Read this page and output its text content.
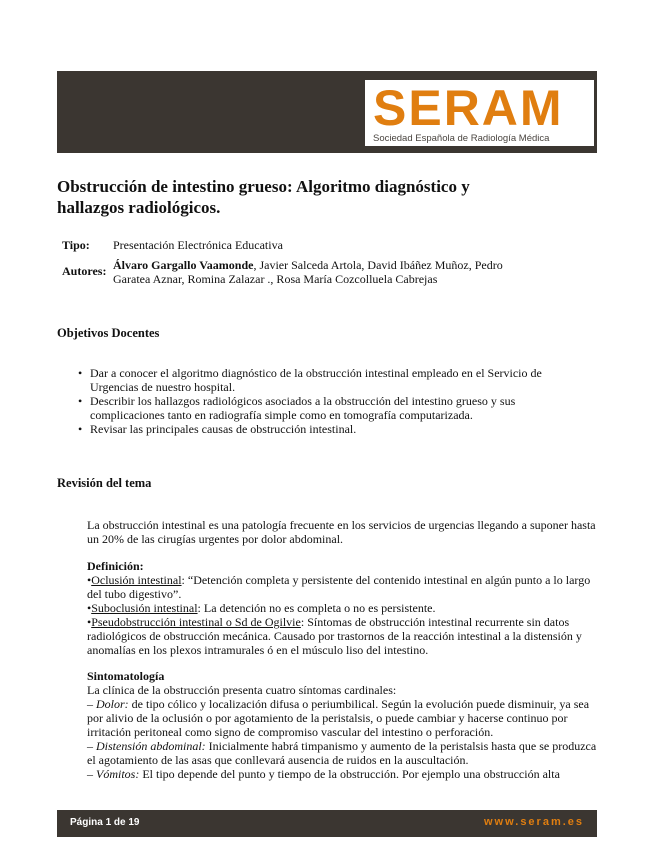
SERAM
Sociedad Española de Radiología Médica
Obstrucción de intestino grueso: Algoritmo diagnóstico y hallazgos radiológicos.
Tipo: Presentación Electrónica Educativa
Autores: Álvaro Gargallo Vaamonde, Javier Salceda Artola, David Ibáñez Muñoz, Pedro Garatea Aznar, Romina Zalazar ., Rosa María Cozcolluela Cabrejas
Objetivos Docentes
• Dar a conocer el algoritmo diagnóstico de la obstrucción intestinal empleado en el Servicio de Urgencias de nuestro hospital.
• Describir los hallazgos radiológicos asociados a la obstrucción del intestino grueso y sus complicaciones tanto en radiografía simple como en tomografía computarizada.
• Revisar las principales causas de obstrucción intestinal.
Revisión del tema

La obstrucción intestinal es una patología frecuente en los servicios de urgencias llegando a suponer hasta un 20% de las cirugías urgentes por dolor abdominal.

Definición:
•Oclusión intestinal: “Detención completa y persistente del contenido intestinal en algún punto a lo largo del tubo digestivo”.
•Suboclusión intestinal: La detención no es completa o no es persistente.
•Pseudobstrucción intestinal o Sd de Ogilvie: Síntomas de obstrucción intestinal recurrente sin datos radiológicos de obstrucción mecánica. Causado por trastornos de la reacción intestinal a la distensión y anomalías en los plexos intramurales ó en el músculo liso del intestino.
Sintomatología
La clínica de la obstrucción presenta cuatro síntomas cardinales:
– Dolor: de tipo cólico y localización difusa o periumbilical. Según la evolución puede disminuir, ya sea por alivio de la oclusión o por agotamiento de la peristalsis, o puede cambiar y hacerse continuo por irritación peritoneal como signo de compromiso vascular del intestino o perforación.
– Distensión abdominal: Inicialmente habrá timpanismo y aumento de la peristalsis hasta que se produzca el agotamiento de las asas que conllevará ausencia de ruidos en la auscultación.
– Vómitos: El tipo depende del punto y tiempo de la obstrucción. Por ejemplo una obstrucción alta
Página 1 de 19	www.seram.es
